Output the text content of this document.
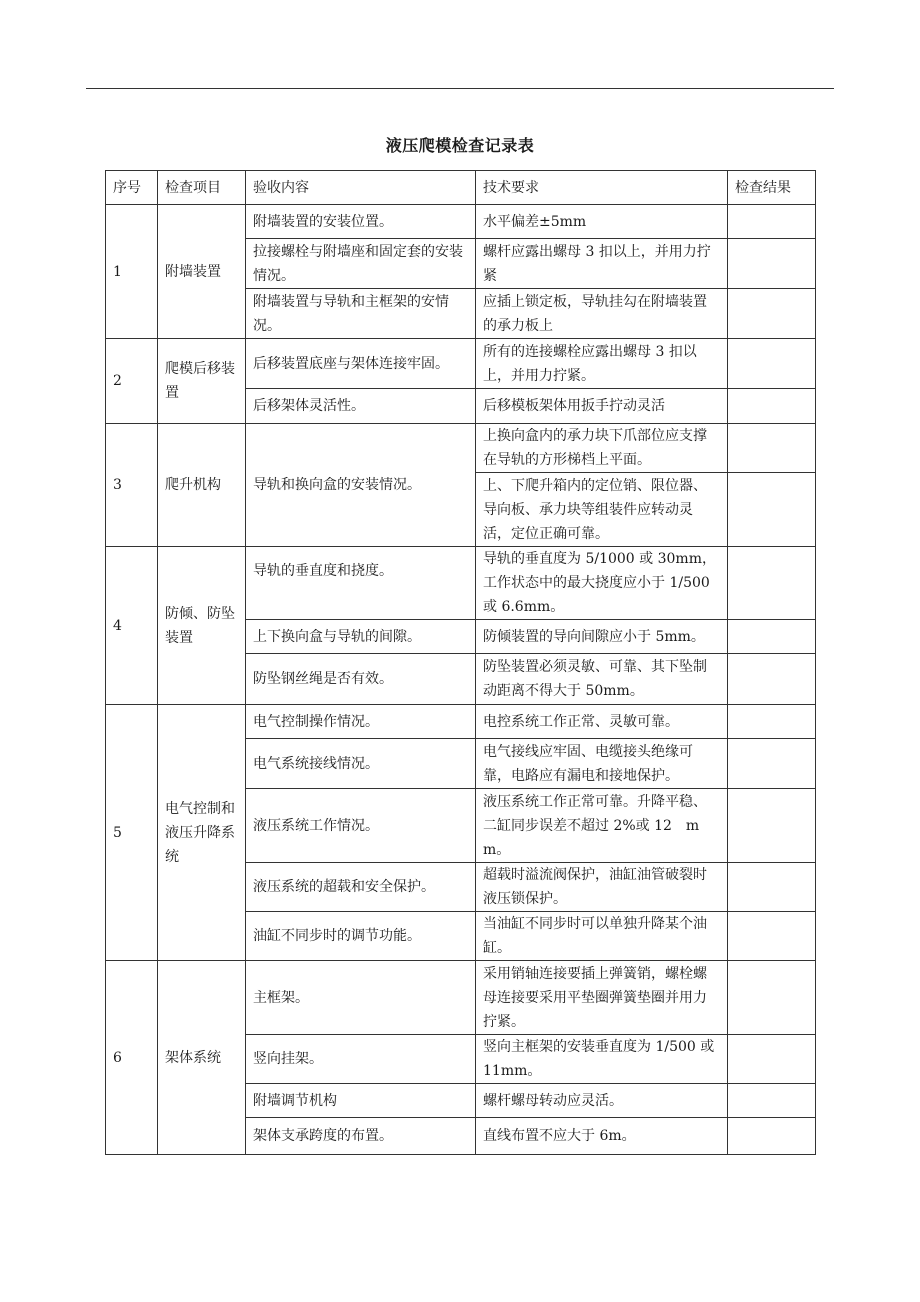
液压爬模检查记录表
序号	检查项目	验收内容	技术要求	检查结果
1	附墙装置	附墙装置的安装位置。	水平偏差±5mm	
		拉接螺栓与附墙座和固定套的安装情况。	螺杆应露出螺母 3 扣以上，并用力拧紧	
		附墙装置与导轨和主框架的安情况。	应插上锁定板，导轨挂勾在附墙装置的承力板上	
2	爬模后移装置	后移装置底座与架体连接牢固。	所有的连接螺栓应露出螺母 3 扣以上，并用力拧紧。	
		后移架体灵活性。	后移模板架体用扳手拧动灵活	
3	爬升机构	导轨和换向盒的安装情况。	上换向盒内的承力块下爪部位应支撑在导轨的方形梯档上平面。	
			上、下爬升箱内的定位销、限位器、导向板、承力块等组装件应转动灵活，定位正确可靠。	
4	防倾、防坠装置	导轨的垂直度和挠度。	导轨的垂直度为 5/1000 或 30mm，工作状态中的最大挠度应小于 1/500 或 6.6mm。	
		上下换向盒与导轨的间隙。	防倾装置的导向间隙应小于 5mm。	
		防坠钢丝绳是否有效。	防坠装置必须灵敏、可靠、其下坠制动距离不得大于 50mm。	
5	电气控制和液压升降系统	电气控制操作情况。	电控系统工作正常、灵敏可靠。	
		电气系统接线情况。	电气接线应牢固、电缆接头绝缘可靠，电路应有漏电和接地保护。	
		液压系统工作情况。	液压系统工作正常可靠。升降平稳、二缸同步误差不超过 2%或 12　mm。	
		液压系统的超载和安全保护。	超载时溢流阀保护，油缸油管破裂时液压锁保护。	
		油缸不同步时的调节功能。	当油缸不同步时可以单独升降某个油缸。	
6	架体系统	主框架。	采用销轴连接要插上弹簧销，螺栓螺母连接要采用平垫圈弹簧垫圈并用力拧紧。	
		竖向挂架。	竖向主框架的安装垂直度为 1/500 或 11mm。	
		附墙调节机构	螺杆螺母转动应灵活。	
		架体支承跨度的布置。	直线布置不应大于 6m。	
